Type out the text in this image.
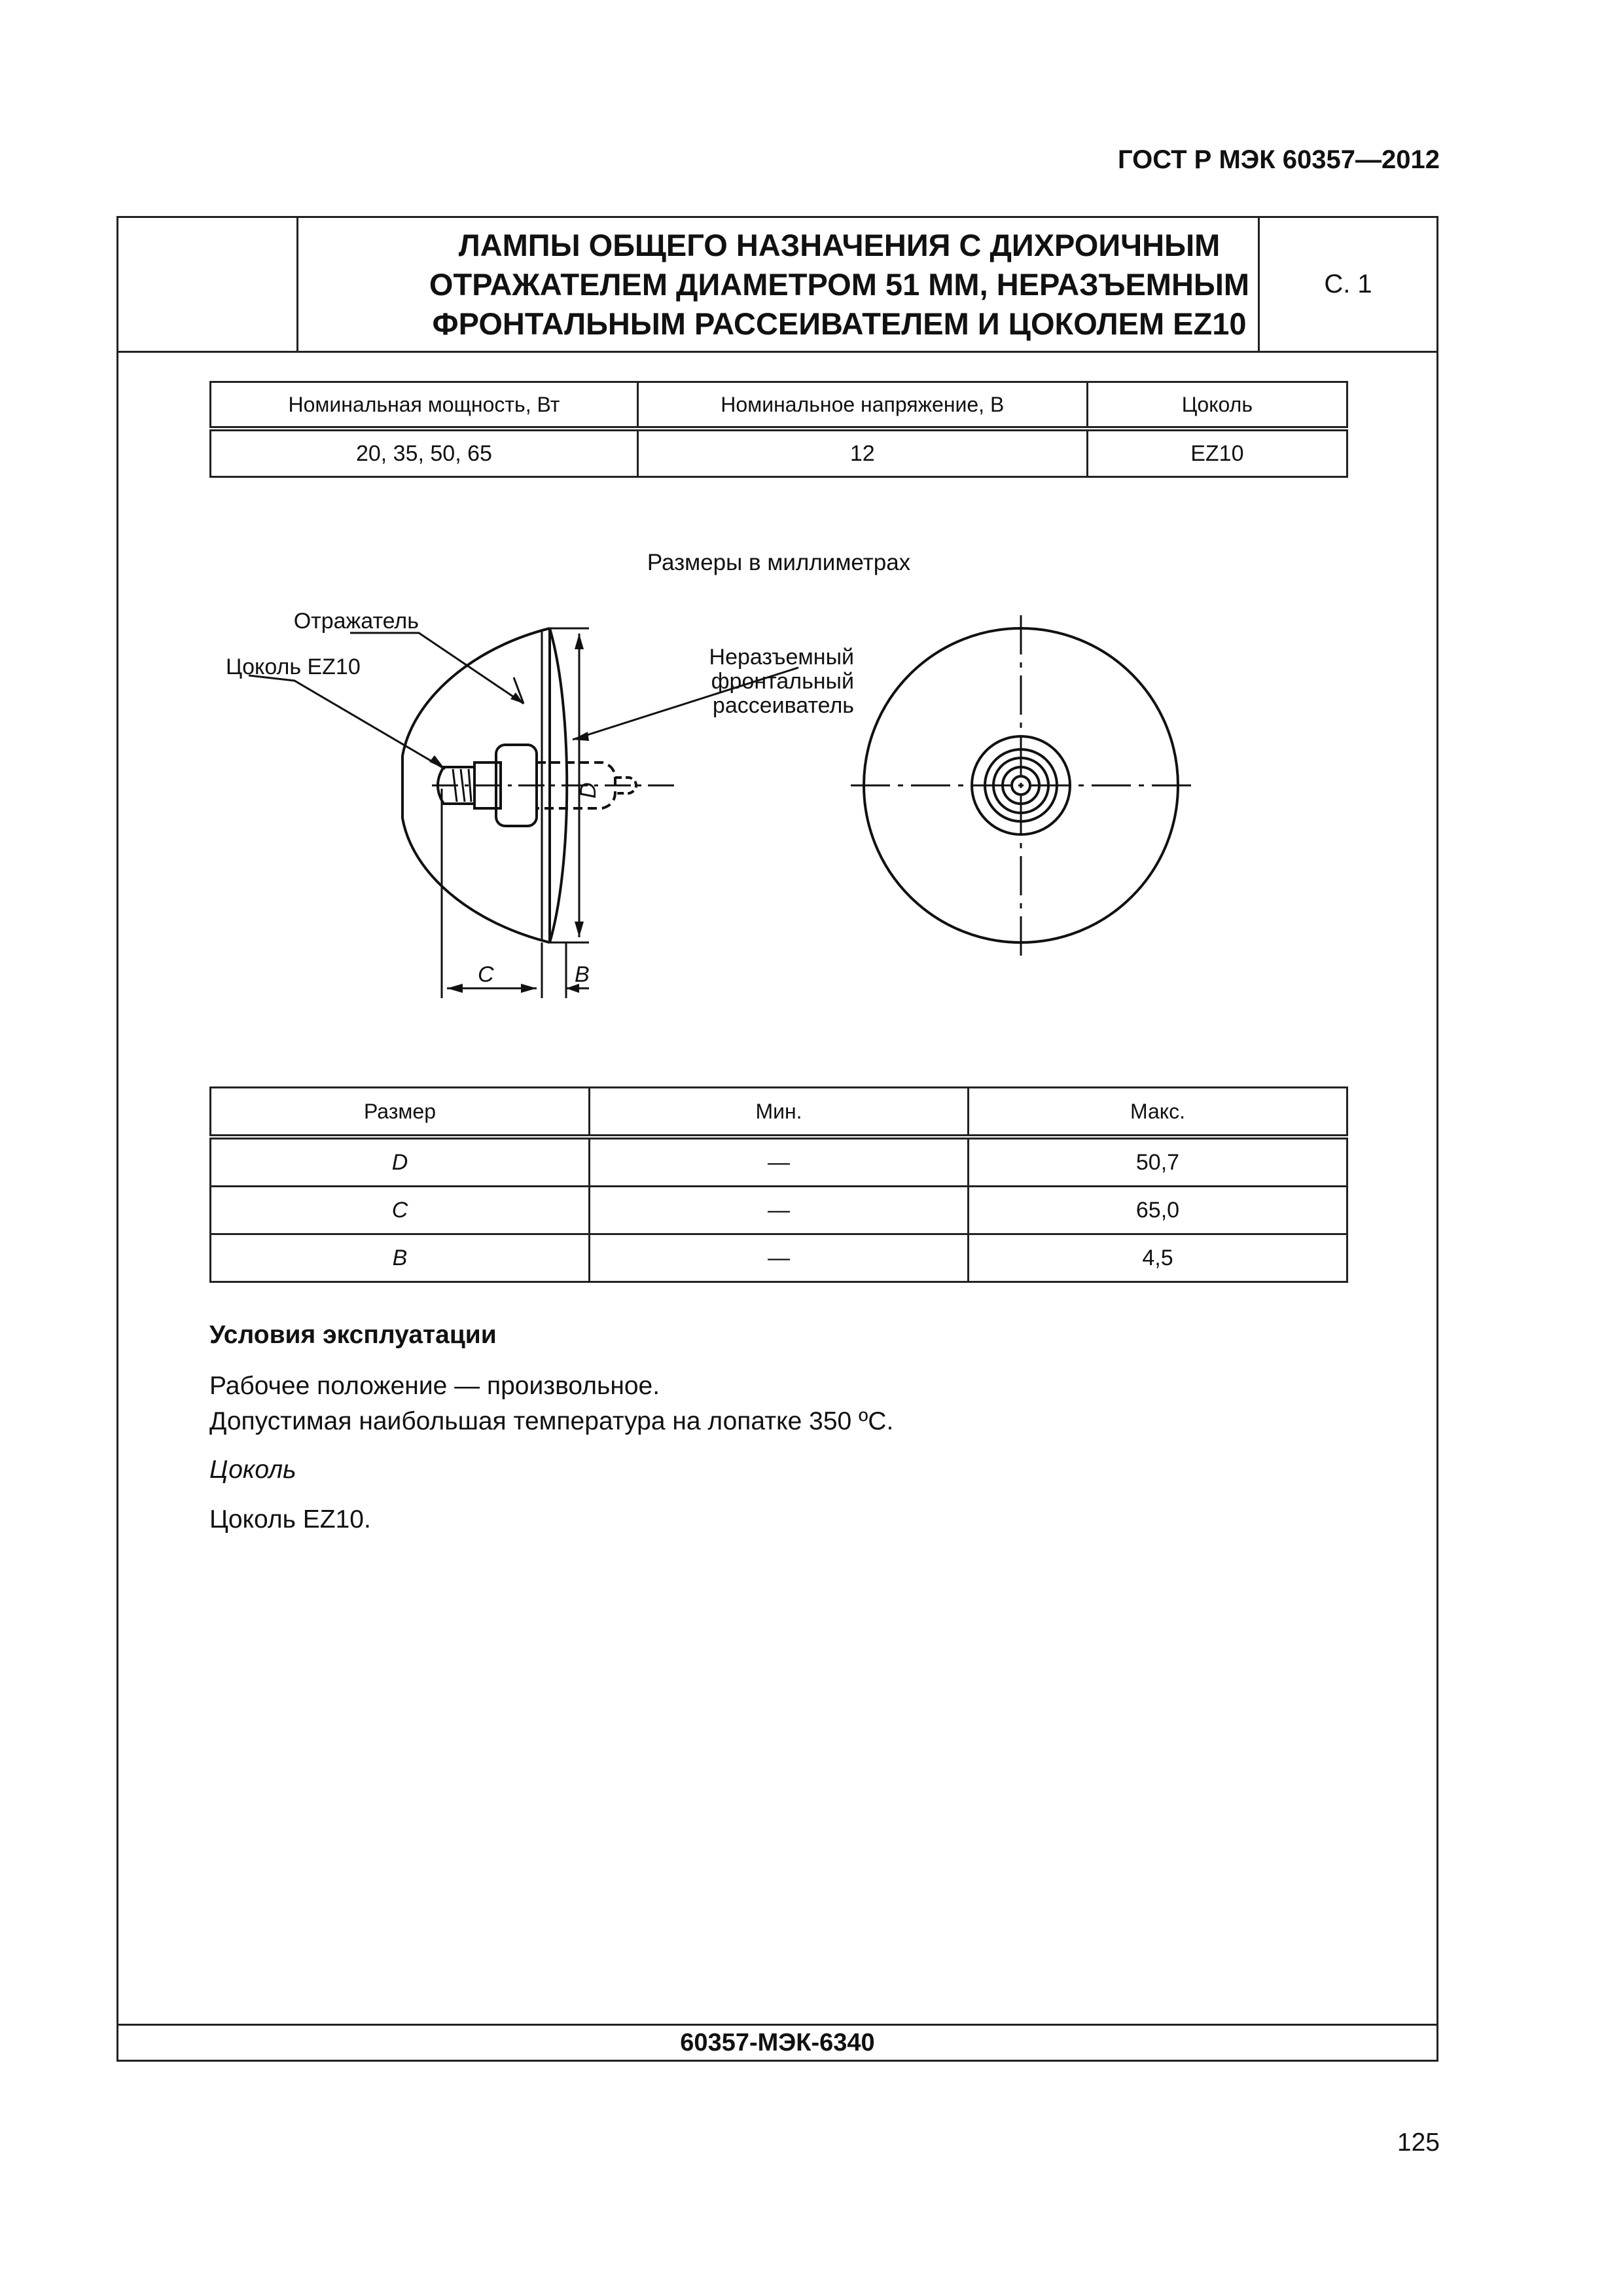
ГОСТ Р МЭК 60357—2012
ЛАМПЫ ОБЩЕГО НАЗНАЧЕНИЯ С ДИХРОИЧНЫМ
ОТРАЖАТЕЛЕМ ДИАМЕТРОМ 51 ММ, НЕРАЗЪЕМНЫМ
ФРОНТАЛЬНЫМ РАССЕИВАТЕЛЕМ И ЦОКОЛЕМ EZ10
С. 1
Номинальная мощность, Вт	Номинальное напряжение, В	Цоколь
20, 35, 50, 65	12	EZ10
Размеры в миллиметрах
Отражатель
Цоколь EZ10	Неразъемный
фронтальный
рассеиватель
D
C	B
Размер	Мин.	Макс.
D	—	50,7
C	—	65,0
B	—	4,5
Условия эксплуатации
Рабочее положение — произвольное.
Допустимая наибольшая температура на лопатке 350 ºС.
Цоколь
Цоколь EZ10.
60357-МЭК-6340
125
